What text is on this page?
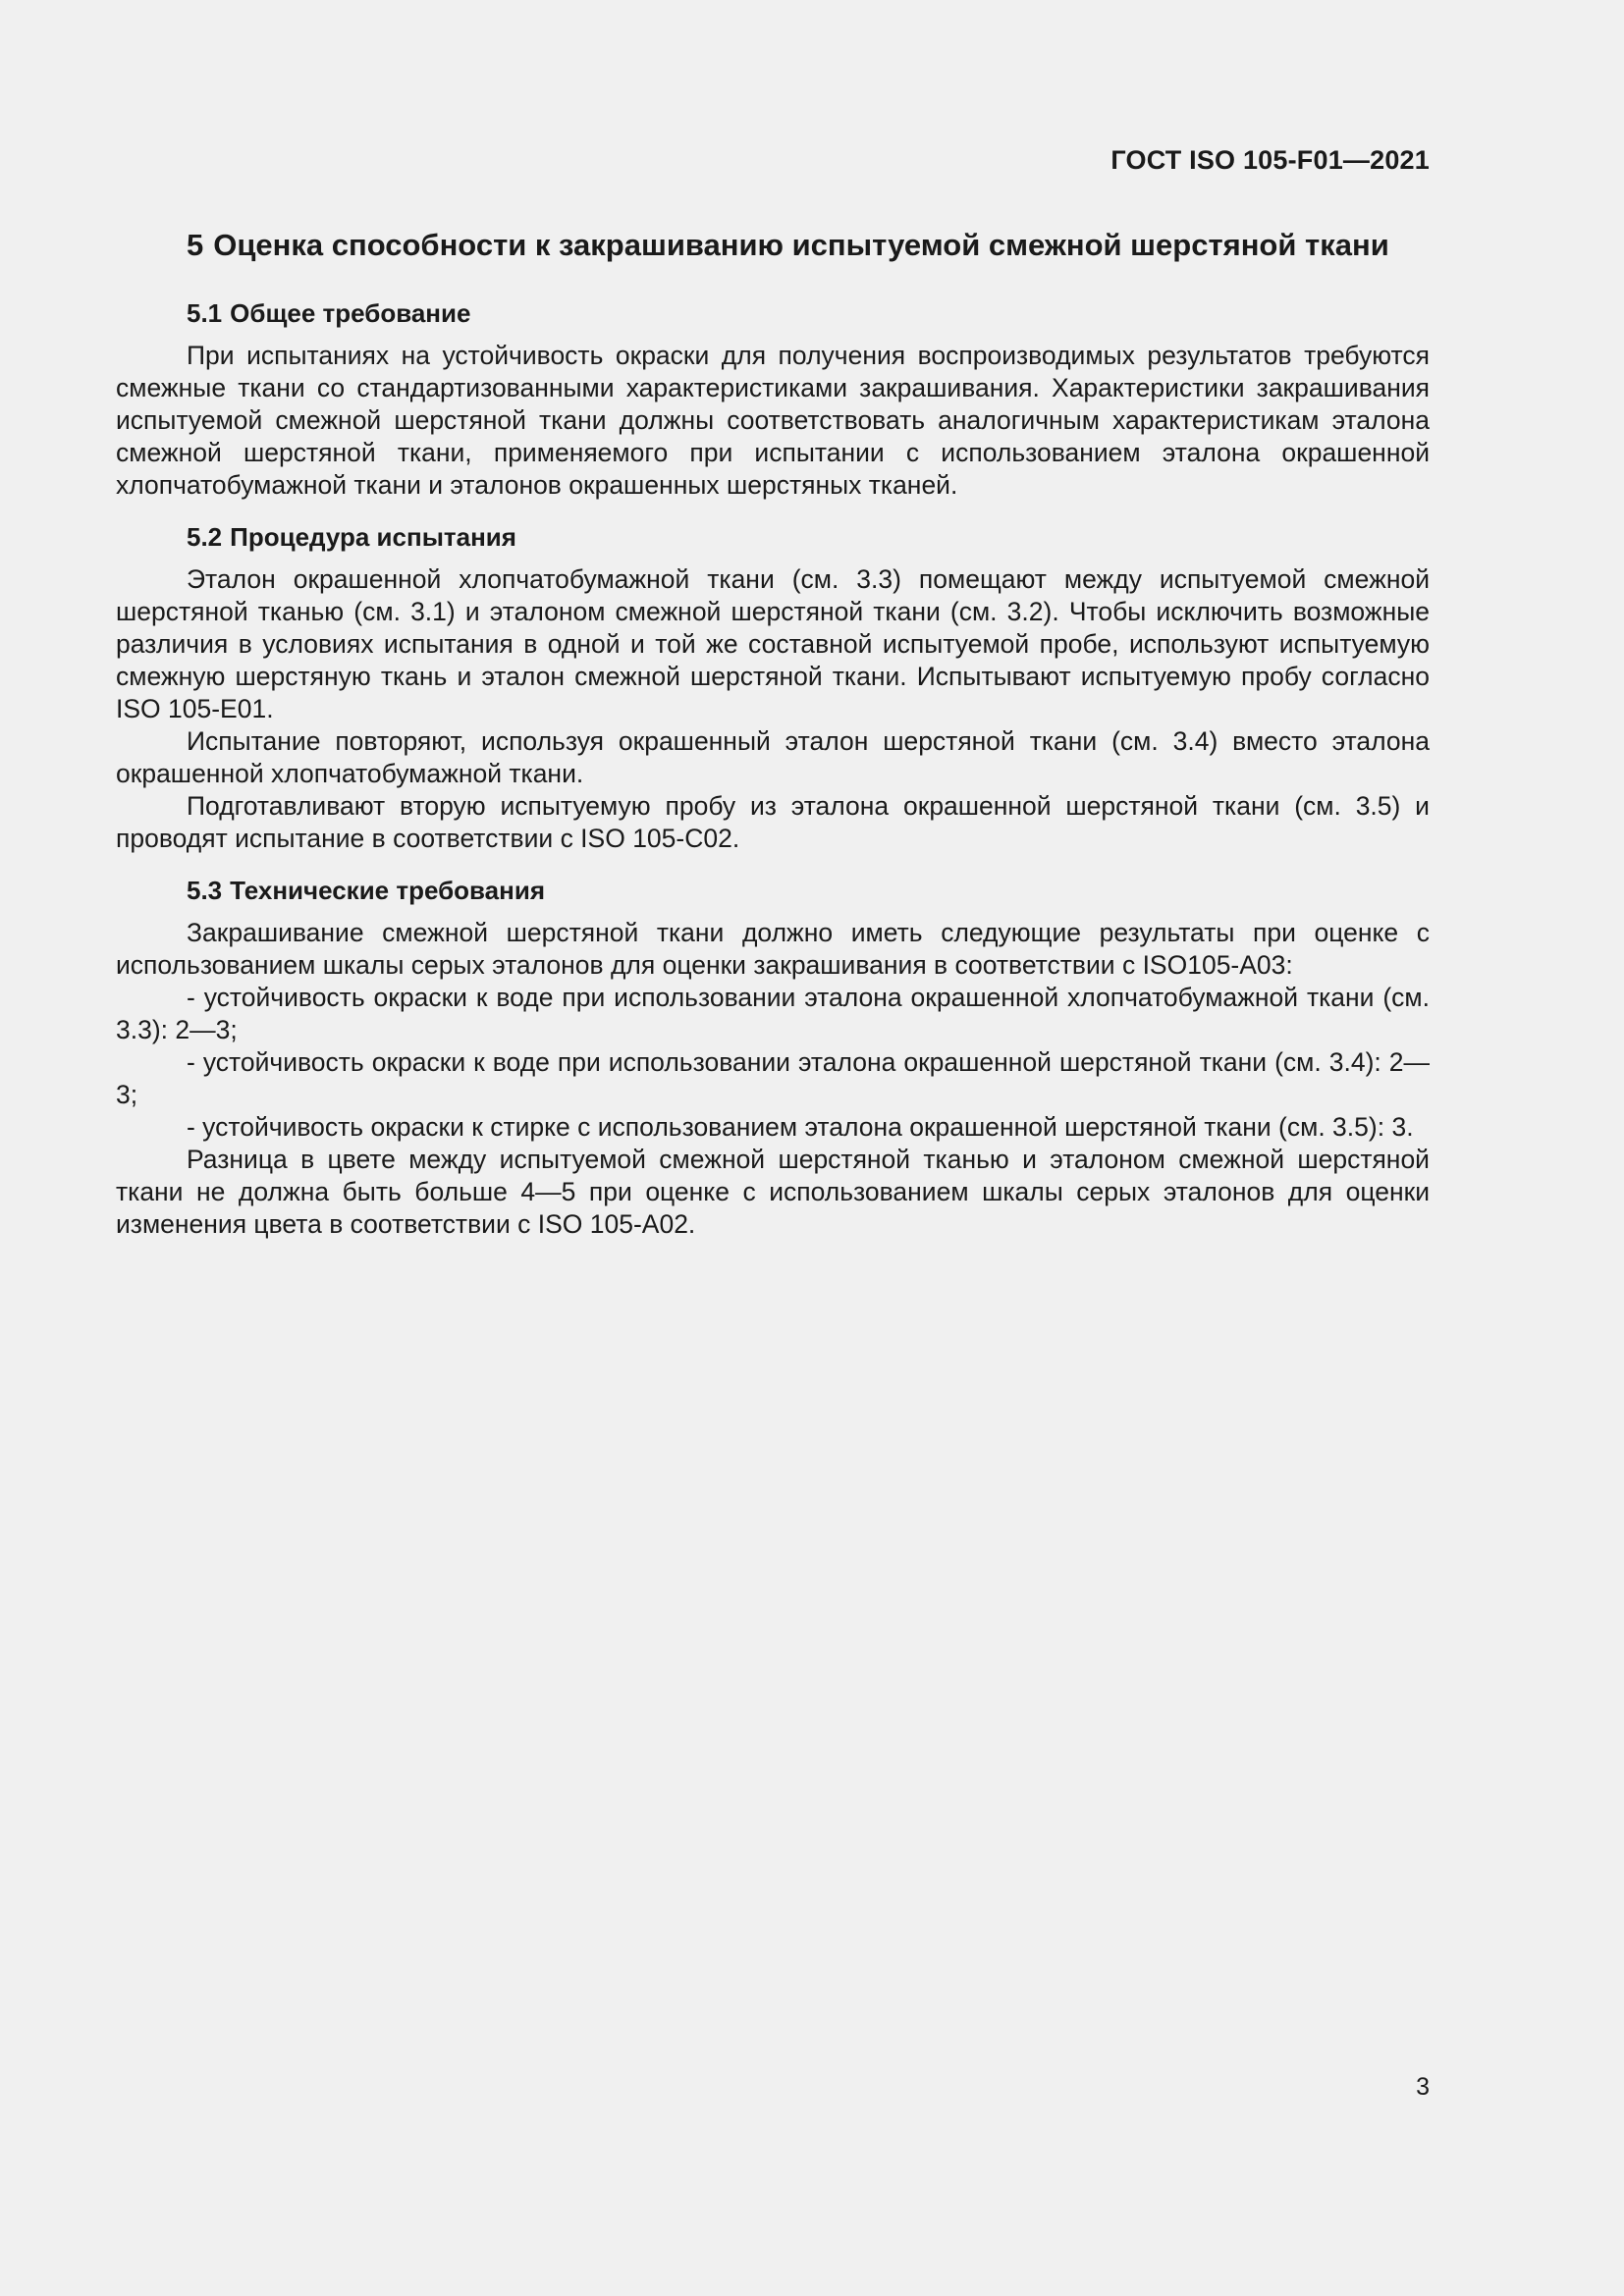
ГОСТ ISO 105-F01—2021
5 Оценка способности к закрашиванию испытуемой смежной шерстяной ткани
5.1 Общее требование

При испытаниях на устойчивость окраски для получения воспроизводимых результатов требуются смежные ткани со стандартизованными характеристиками закрашивания. Характеристики закрашивания испытуемой смежной шерстяной ткани должны соответствовать аналогичным характеристикам эталона смежной шерстяной ткани, применяемого при испытании с использованием эталона окрашенной хлопчатобумажной ткани и эталонов окрашенных шерстяных тканей.

5.2 Процедура испытания

Эталон окрашенной хлопчатобумажной ткани (см. 3.3) помещают между испытуемой смежной шерстяной тканью (см. 3.1) и эталоном смежной шерстяной ткани (см. 3.2). Чтобы исключить возможные различия в условиях испытания в одной и той же составной испытуемой пробе, используют испытуемую смежную шерстяную ткань и эталон смежной шерстяной ткани. Испытывают испытуемую пробу согласно ISO 105-E01.

Испытание повторяют, используя окрашенный эталон шерстяной ткани (см. 3.4) вместо эталона окрашенной хлопчатобумажной ткани.

Подготавливают вторую испытуемую пробу из эталона окрашенной шерстяной ткани (см. 3.5) и проводят испытание в соответствии с ISO 105-C02.

5.3 Технические требования

Закрашивание смежной шерстяной ткани должно иметь следующие результаты при оценке с использованием шкалы серых эталонов для оценки закрашивания в соответствии с ISO105-A03:

- устойчивость окраски к воде при использовании эталона окрашенной хлопчатобумажной ткани (см. 3.3): 2—3;

- устойчивость окраски к воде при использовании эталона окрашенной шерстяной ткани (см. 3.4): 2—3;

- устойчивость окраски к стирке с использованием эталона окрашенной шерстяной ткани (см. 3.5): 3.

Разница в цвете между испытуемой смежной шерстяной тканью и эталоном смежной шерстяной ткани не должна быть больше 4—5 при оценке с использованием шкалы серых эталонов для оценки изменения цвета в соответствии с ISO 105-A02.

3
